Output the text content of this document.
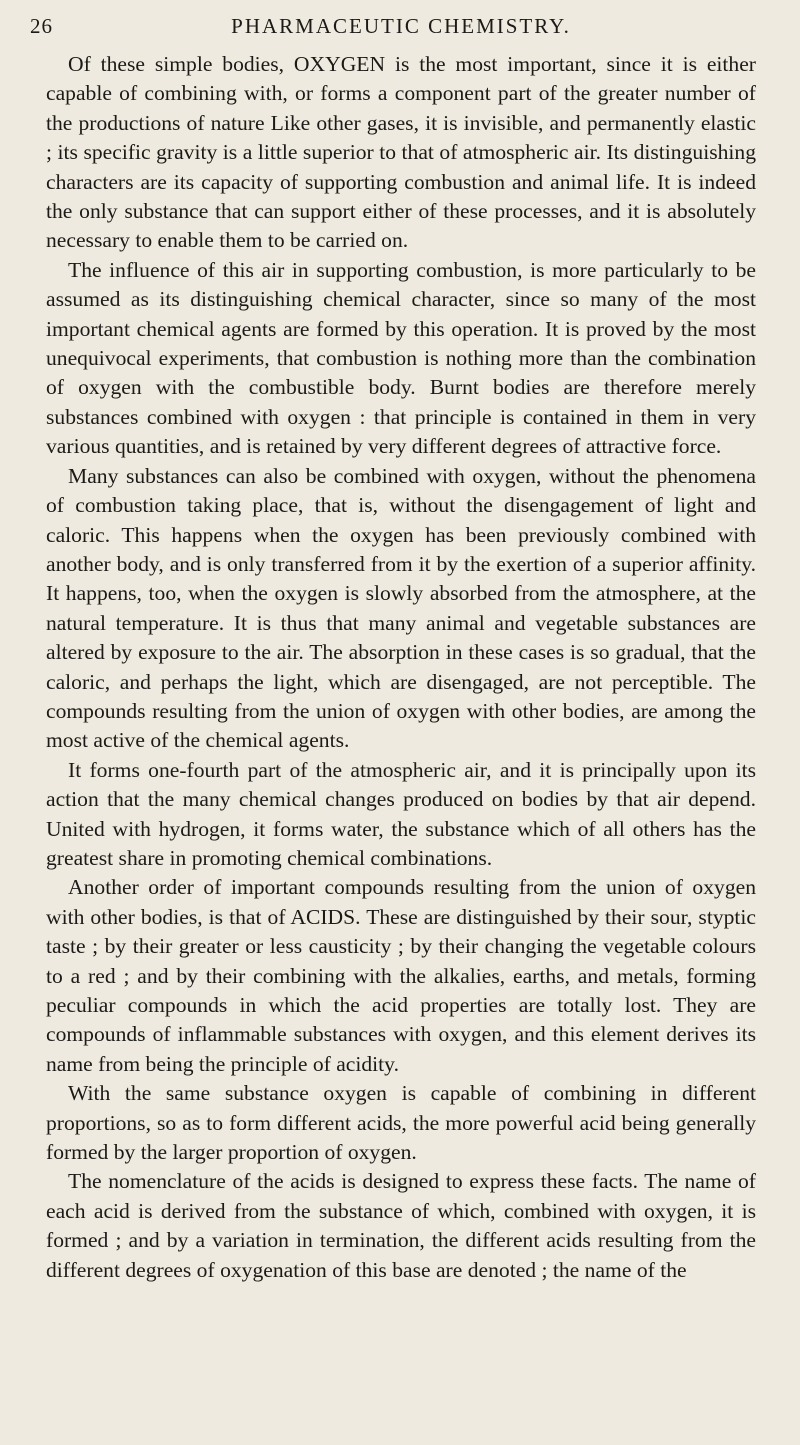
26	PHARMACEUTIC CHEMISTRY.

Of these simple bodies, OXYGEN is the most important, since it is either capable of combining with, or forms a component part of the greater number of the productions of nature Like other gases, it is invisible, and permanently elastic ; its specific gravity is a little superior to that of atmospheric air. Its distinguishing characters are its capacity of supporting combustion and animal life. It is indeed the only substance that can support either of these processes, and it is absolutely necessary to enable them to be carried on.

The influence of this air in supporting combustion, is more particularly to be assumed as its distinguishing chemical character, since so many of the most important chemical agents are formed by this operation. It is proved by the most unequivocal experiments, that combustion is nothing more than the combination of oxygen with the combustible body. Burnt bodies are therefore merely substances combined with oxygen : that principle is contained in them in very various quantities, and is retained by very different degrees of attractive force.

Many substances can also be combined with oxygen, without the phenomena of combustion taking place, that is, without the disengagement of light and caloric. This happens when the oxygen has been previously combined with another body, and is only transferred from it by the exertion of a superior affinity. It happens, too, when the oxygen is slowly absorbed from the atmosphere, at the natural temperature. It is thus that many animal and vegetable substances are altered by exposure to the air. The absorption in these cases is so gradual, that the caloric, and perhaps the light, which are disengaged, are not perceptible. The compounds resulting from the union of oxygen with other bodies, are among the most active of the chemical agents.

It forms one-fourth part of the atmospheric air, and it is principally upon its action that the many chemical changes produced on bodies by that air depend. United with hydrogen, it forms water, the substance which of all others has the greatest share in promoting chemical combinations.

Another order of important compounds resulting from the union of oxygen with other bodies, is that of ACIDS. These are distinguished by their sour, styptic taste ; by their greater or less causticity ; by their changing the vegetable colours to a red ; and by their combining with the alkalies, earths, and metals, forming peculiar compounds in which the acid properties are totally lost. They are compounds of inflammable substances with oxygen, and this element derives its name from being the principle of acidity.

With the same substance oxygen is capable of combining in different proportions, so as to form different acids, the more powerful acid being generally formed by the larger proportion of oxygen.

The nomenclature of the acids is designed to express these facts. The name of each acid is derived from the substance of which, combined with oxygen, it is formed ; and by a variation in termination, the different acids resulting from the different degrees of oxygenation of this base are denoted ; the name of the
